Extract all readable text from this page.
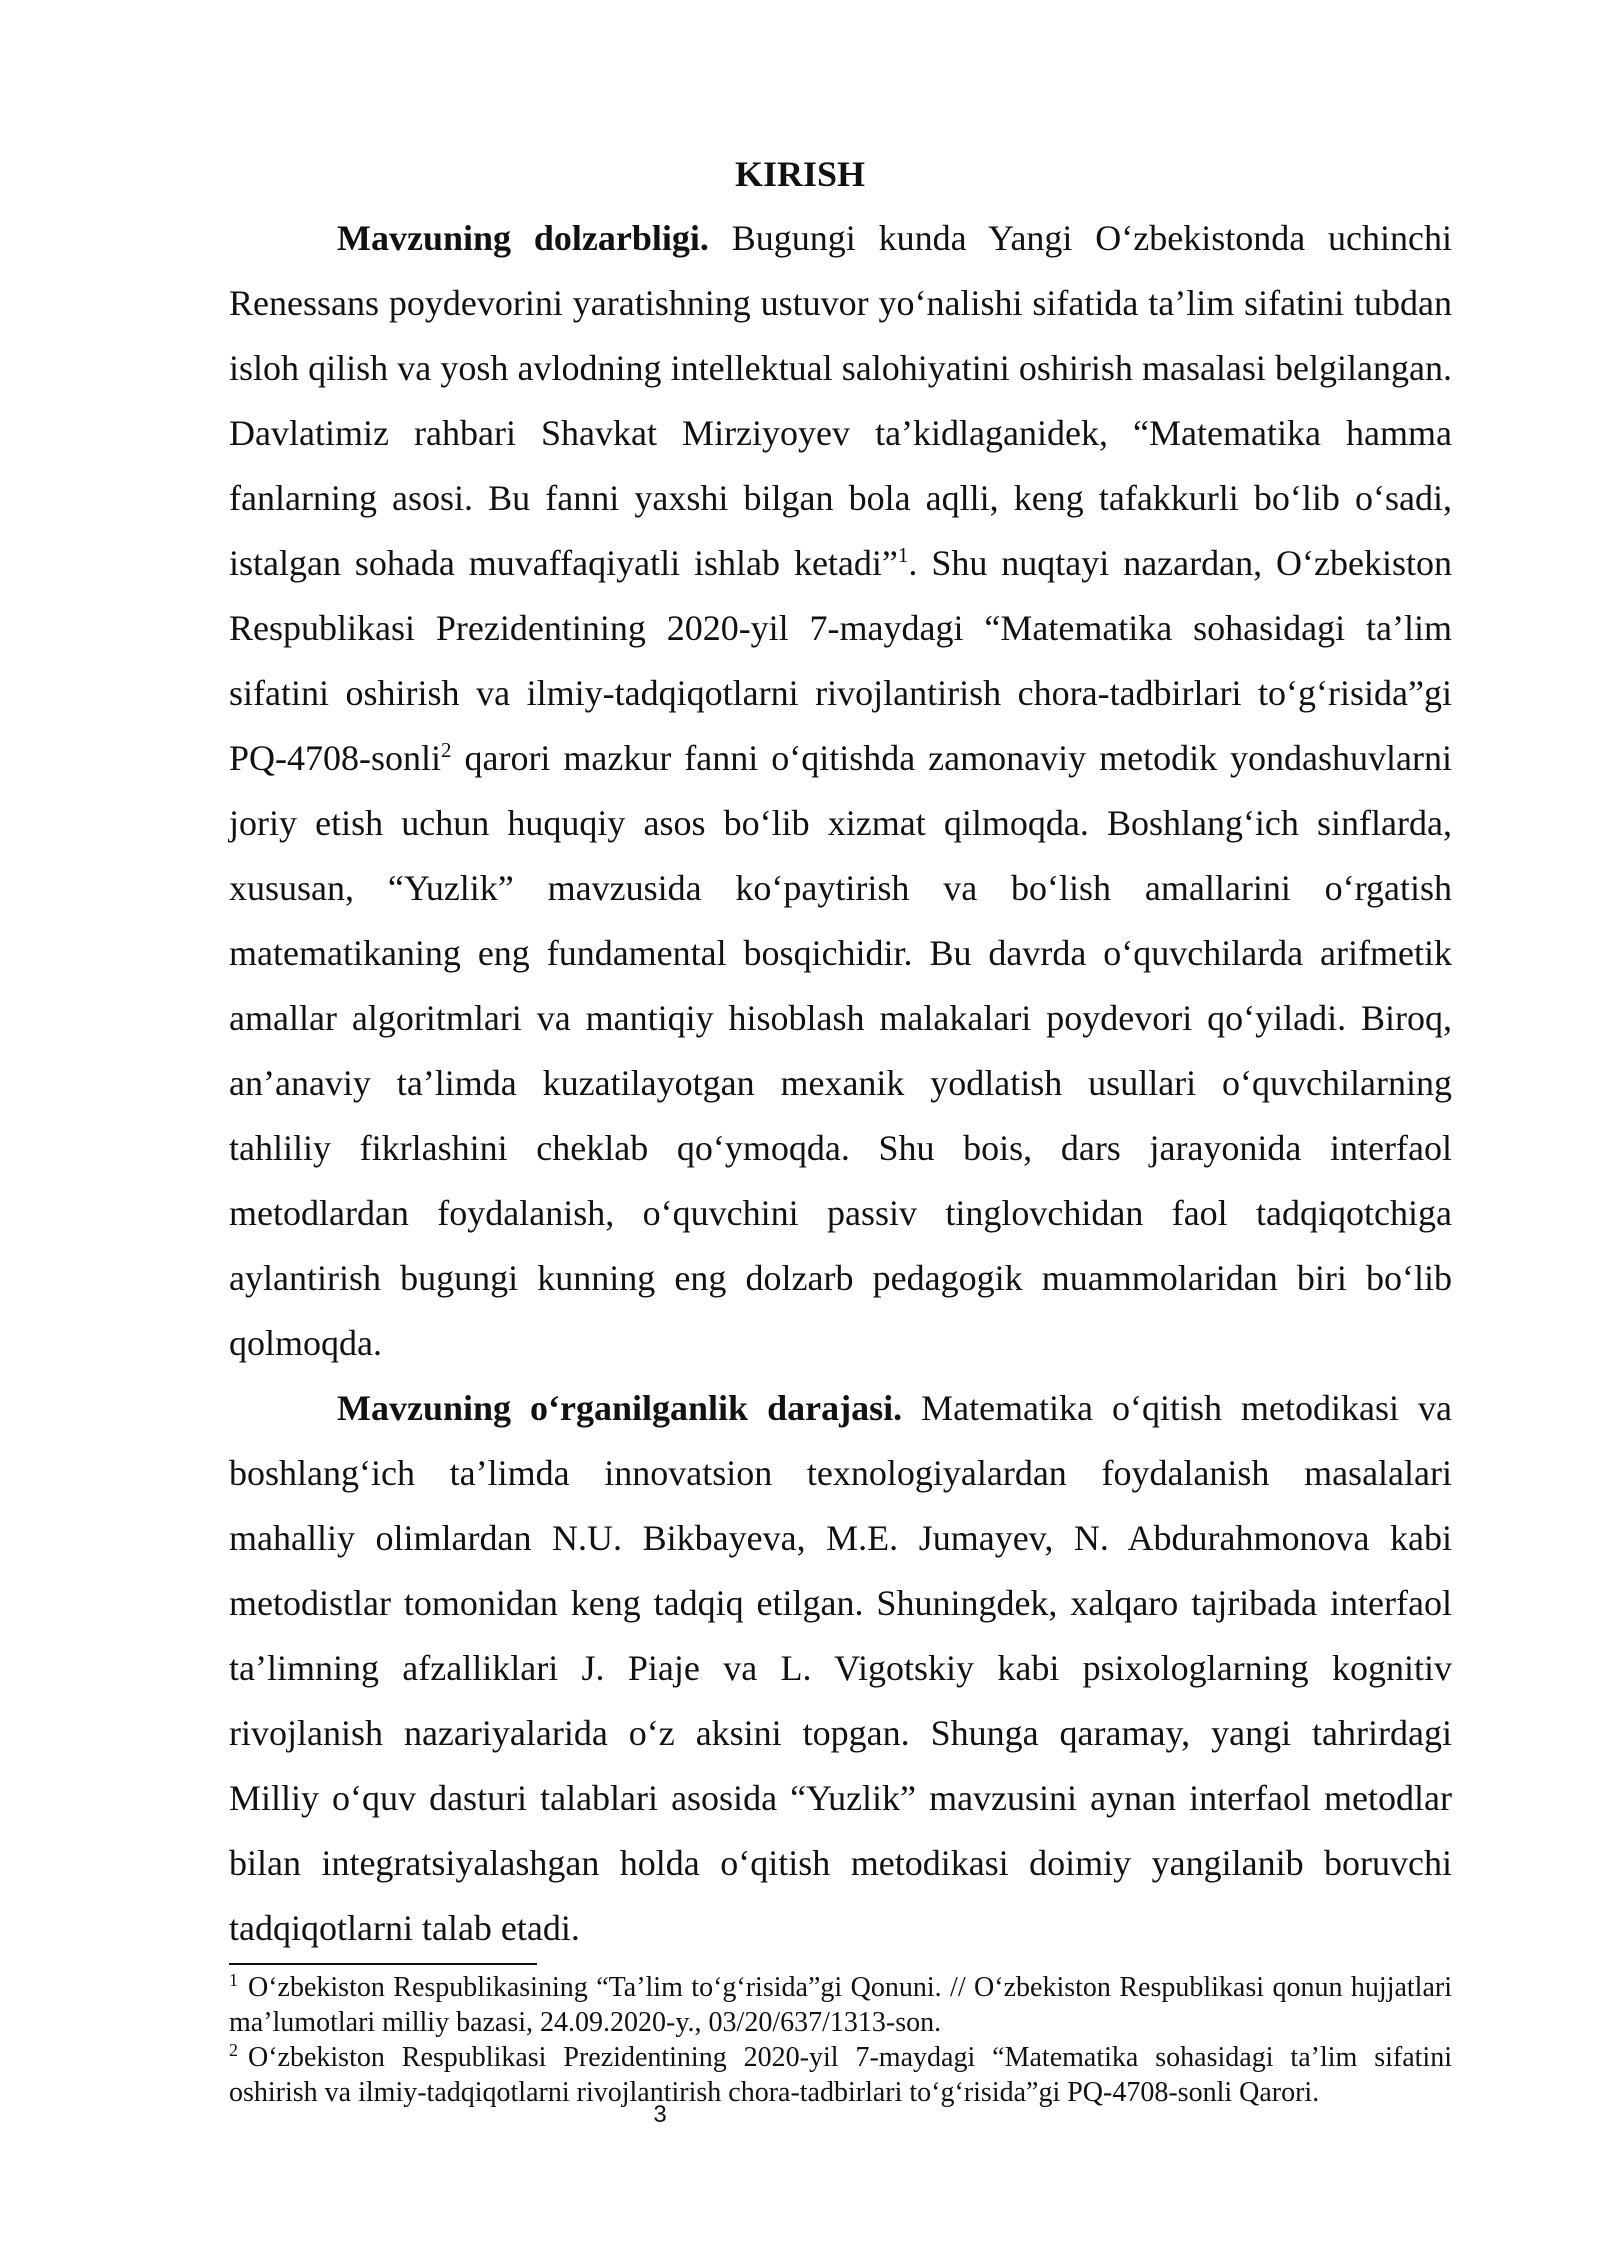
KIRISH

Mavzuning dolzarbligi. Bugungi kunda Yangi O‘zbekistonda uchinchi Renessans poydevorini yaratishning ustuvor yo‘nalishi sifatida ta’lim sifatini tubdan isloh qilish va yosh avlodning intellektual salohiyatini oshirish masalasi belgilangan. Davlatimiz rahbari Shavkat Mirziyoyev ta’kidlaganidek, “Matematika hamma fanlarning asosi. Bu fanni yaxshi bilgan bola aqlli, keng tafakkurli bo‘lib o‘sadi, istalgan sohada muvaffaqiyatli ishlab ketadi”$^1$. Shu nuqtayi nazardan, O‘zbekiston Respublikasi Prezidentining 2020-yil 7-maydagi “Matematika sohasidagi ta’lim sifatini oshirish va ilmiy-tadqiqotlarni rivojlantirish chora-tadbirlari to‘g‘risida”gi PQ-4708-sonli$^2$ qarori mazkur fanni o‘qitishda zamonaviy metodik yondashuvlarni joriy etish uchun huquqiy asos bo‘lib xizmat qilmoqda. Boshlang‘ich sinflarda, xususan, “Yuzlik” mavzusida ko‘paytirish va bo‘lish amallarini o‘rgatish matematikaning eng fundamental bosqichidir. Bu davrda o‘quvchilarda arifmetik amallar algoritmlari va mantiqiy hisoblash malakalari poydevori qo‘yiladi. Biroq, an’anaviy ta’limda kuzatilayotgan mexanik yodlatish usullari o‘quvchilarning tahliliy fikrlashini cheklab qo‘ymoqda. Shu bois, dars jarayonida interfaol metodlardan foydalanish, o‘quvchini passiv tinglovchidan faol tadqiqotchiga aylantirish bugungi kunning eng dolzarb pedagogik muammolaridan biri bo‘lib qolmoqda.

Mavzuning o‘rganilganlik darajasi. Matematika o‘qitish metodikasi va boshlang‘ich ta’limda innovatsion texnologiyalardan foydalanish masalalari mahalliy olimlardan N.U. Bikbayeva, M.E. Jumayev, N. Abdurahmonova kabi metodistlar tomonidan keng tadqiq etilgan. Shuningdek, xalqaro tajribada interfaol ta’limning afzalliklari J. Piaje va L. Vigotskiy kabi psixologlarning kognitiv rivojlanish nazariyalarida o‘z aksini topgan. Shunga qaramay, yangi tahrirdagi Milliy o‘quv dasturi talablari asosida “Yuzlik” mavzusini aynan interfaol metodlar bilan integratsiyalashgan holda o‘qitish metodikasi doimiy yangilanib boruvchi tadqiqotlarni talab etadi.

$^1$ O‘zbekiston Respublikasining “Ta’lim to‘g‘risida”gi Qonuni. // O‘zbekiston Respublikasi qonun hujjatlari ma’lumotlari milliy bazasi, 24.09.2020-y., 03/20/637/1313-son.

$^2$ O‘zbekiston Respublikasi Prezidentining 2020-yil 7-maydagi “Matematika sohasidagi ta’lim sifatini oshirish va ilmiy-tadqiqotlarni rivojlantirish chora-tadbirlari to‘g‘risida”gi PQ-4708-sonli Qarori.

3
